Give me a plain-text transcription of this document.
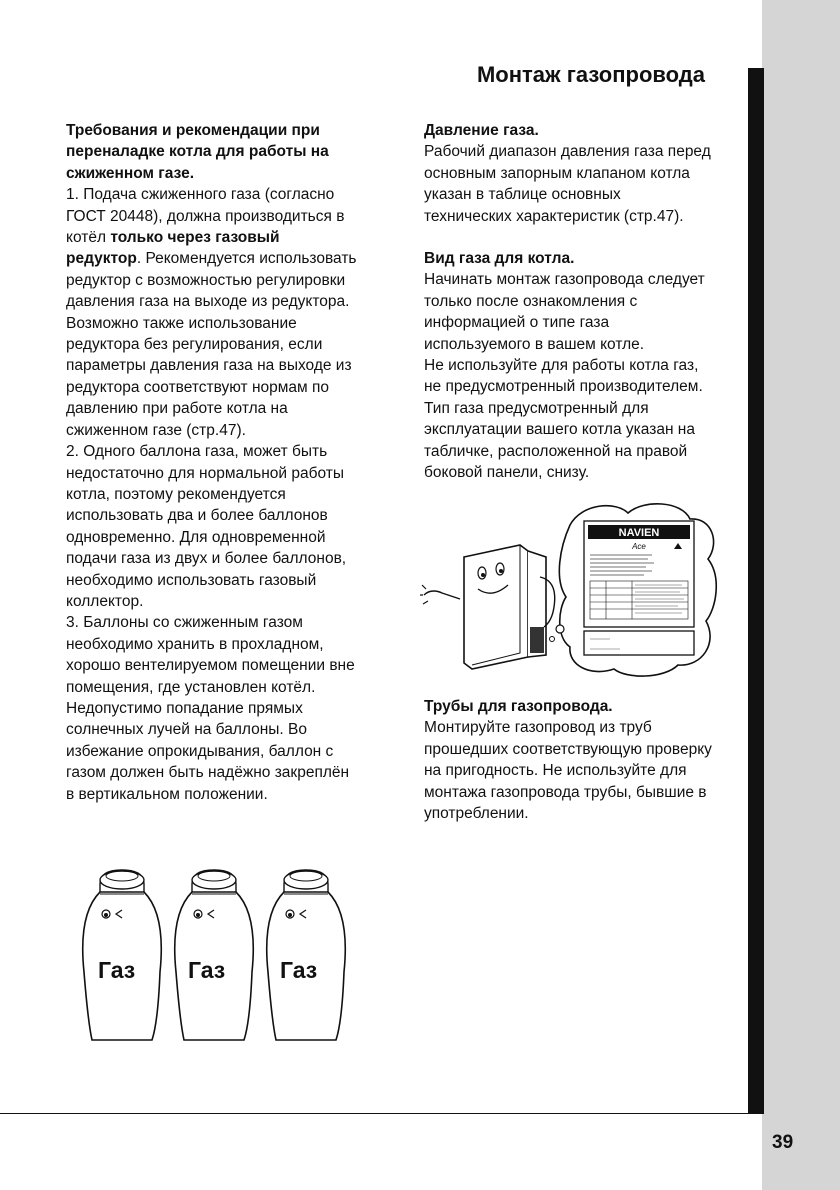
39
Монтаж газопровода

Требования и рекомендации при переналадке котла для работы на сжиженном газе.

1. Подача сжиженного газа (согласно ГОСТ 20448), должна производиться в котёл только через газовый редуктор. Рекомендуется использовать редуктор с возможностью регулировки давления газа на выходе из редуктора. Возможно также использование редуктора без регулирования, если параметры давления газа на выходе из редуктора соответствуют нормам по давлению при работе котла на сжиженном газе (стр.47).

2. Одного баллона газа, может быть недостаточно для нормальной работы котла, поэтому рекомендуется использовать два и более баллонов одновременно. Для одновременной подачи газа из двух и более баллонов, необходимо использовать газовый коллектор.

3. Баллоны со сжиженным газом необходимо хранить в прохладном, хорошо вентелируемом помещении вне помещения, где установлен котёл. Недопустимо попадание прямых солнечных лучей на баллоны. Во избежание опрокидывания, баллон с газом должен быть надёжно закреплён в вертикальном положении.

Давление газа.

Рабочий диапазон давления газа перед основным запорным клапаном котла указан в таблице основных технических характеристик (стр.47).

Вид газа для котла.

Начинать монтаж газопровода следует только после ознакомления с информацией о типе газа используемого в вашем котле.

Не используйте для работы котла газ, не предусмотренный производителем.

Тип газа предусмотренный для эксплуатации вашего котла указан на табличке, расположенной на правой боковой панели, снизу.

NAVIEN
Ace

Трубы для газопровода.

Монтируйте газопровод из труб прошедших соответствующую проверку на пригодность. Не используйте для монтажа газопровода трубы, бывшие в употреблении.

Газ Газ Газ
